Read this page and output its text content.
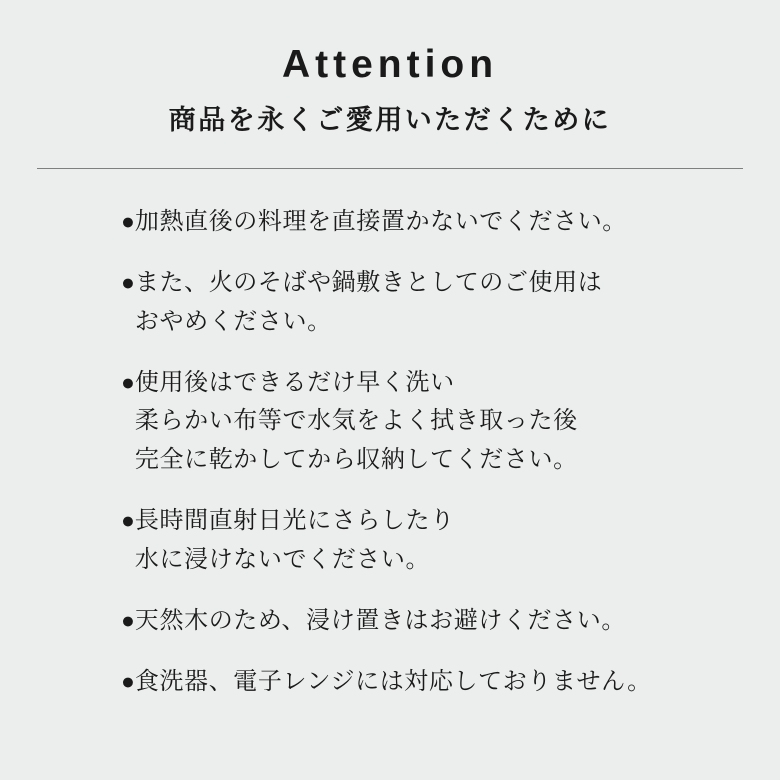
Attention
商品を永くご愛用いただくために
● 加熱直後の料理を直接置かないでください。
● また、火のそばや鍋敷きとしてのご使用は
おやめください。
● 使用後はできるだけ早く洗い
柔らかい布等で水気をよく拭き取った後
完全に乾かしてから収納してください。
● 長時間直射日光にさらしたり
水に浸けないでください。
● 天然木のため、浸け置きはお避けください。
● 食洗器、電子レンジには対応しておりません。
